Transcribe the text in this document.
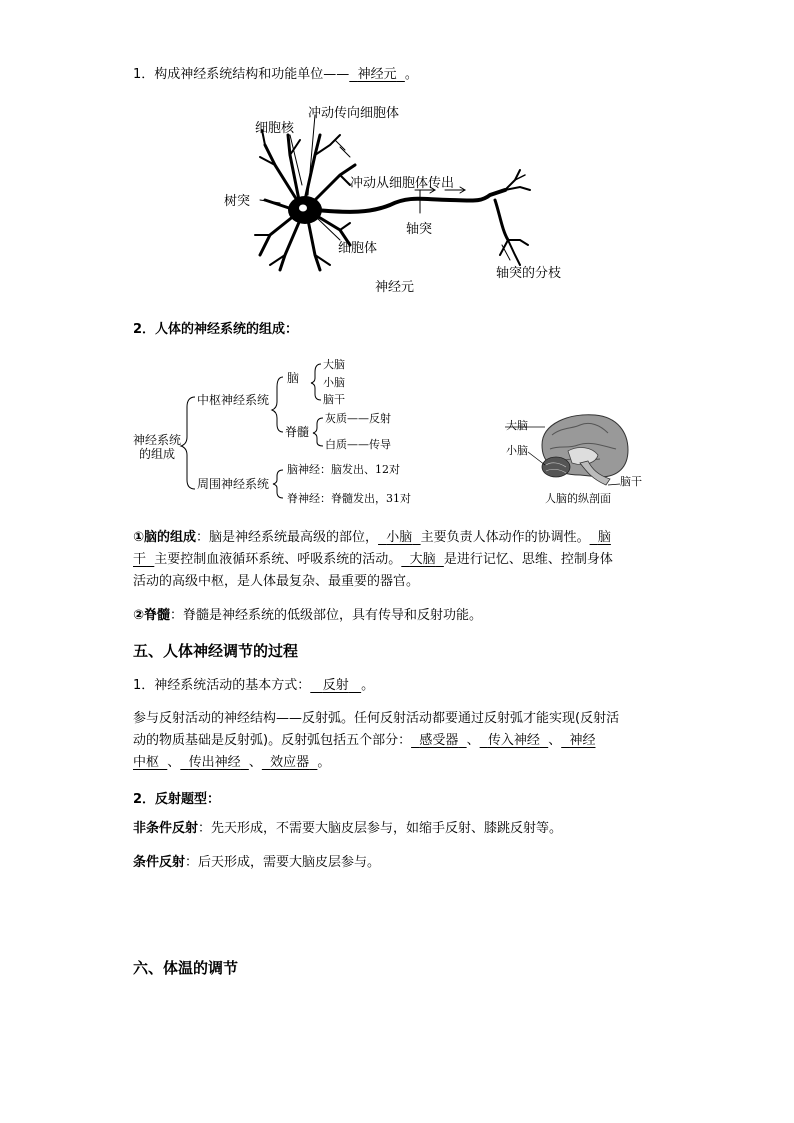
1．构成神经系统结构和功能单位—— 神经元 。
冲动传向细胞体
细胞核
冲动从细胞体传出
树突
轴突
细胞体
轴突的分枝
神经元
2．人体的神经系统的组成：
神经系统
的组成
中枢神经系统
脑
大脑
小脑
脑干
脊髓
灰质——反射
白质——传导
周围神经系统
脑神经：脑发出、12对
脊神经：脊髓发出，31对
大脑
小脑
脑干
人脑的纵剖面
①脑的组成：脑是神经系统最高级的部位， 小脑 主要负责人体动作的协调性。 脑
干 主要控制血液循环系统、呼吸系统的活动。 大脑 是进行记忆、思维、控制身体
活动的高级中枢，是人体最复杂、最重要的器官。
②脊髓：脊髓是神经系统的低级部位，具有传导和反射功能。
五、人体神经调节的过程
1．神经系统活动的基本方式： 反射 。
参与反射活动的神经结构——反射弧。任何反射活动都要通过反射弧才能实现(反射活
动的物质基础是反射弧)。反射弧包括五个部分： 感受器 、 传入神经 、 神经
中枢 、 传出神经 、 效应器 。
2．反射题型：
非条件反射：先天形成，不需要大脑皮层参与，如缩手反射、膝跳反射等。
条件反射：后天形成，需要大脑皮层参与。
六、体温的调节
